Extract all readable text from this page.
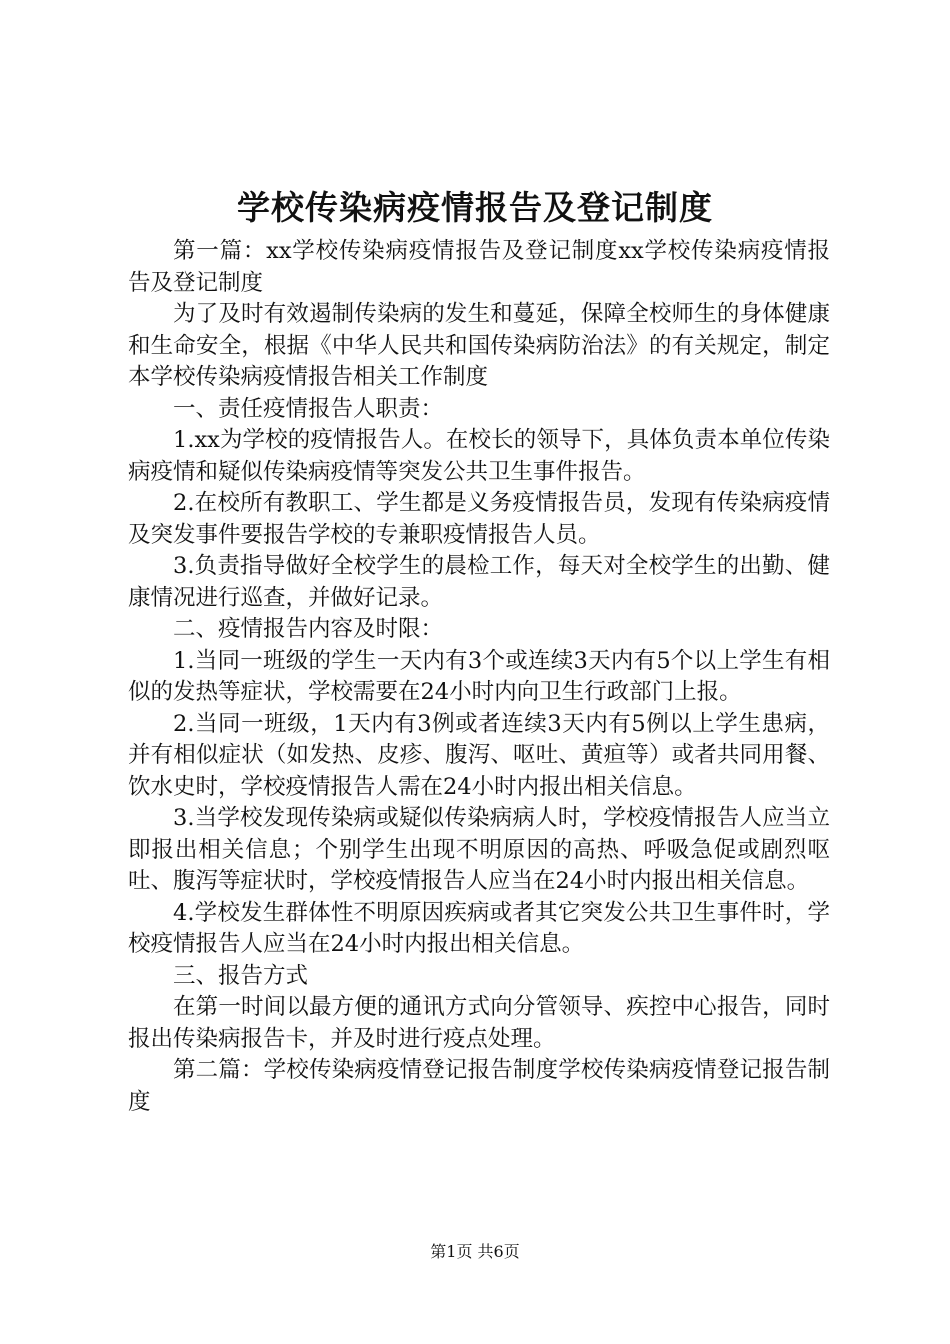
学校传染病疫情报告及登记制度

第一篇：xx学校传染病疫情报告及登记制度xx学校传染病疫情报告及登记制度

为了及时有效遏制传染病的发生和蔓延，保障全校师生的身体健康和生命安全，根据《中华人民共和国传染病防治法》的有关规定，制定本学校传染病疫情报告相关工作制度

一、责任疫情报告人职责：

1.xx为学校的疫情报告人。在校长的领导下，具体负责本单位传染病疫情和疑似传染病疫情等突发公共卫生事件报告。

2.在校所有教职工、学生都是义务疫情报告员，发现有传染病疫情及突发事件要报告学校的专兼职疫情报告人员。

3.负责指导做好全校学生的晨检工作，每天对全校学生的出勤、健康情况进行巡查，并做好记录。

二、疫情报告内容及时限：

1.当同一班级的学生一天内有3个或连续3天内有5个以上学生有相似的发热等症状，学校需要在24小时内向卫生行政部门上报。

2.当同一班级，1天内有3例或者连续3天内有5例以上学生患病，并有相似症状（如发热、皮疹、腹泻、呕吐、黄疸等）或者共同用餐、饮水史时，学校疫情报告人需在24小时内报出相关信息。

3.当学校发现传染病或疑似传染病病人时，学校疫情报告人应当立即报出相关信息；个别学生出现不明原因的高热、呼吸急促或剧烈呕吐、腹泻等症状时，学校疫情报告人应当在24小时内报出相关信息。

4.学校发生群体性不明原因疾病或者其它突发公共卫生事件时，学校疫情报告人应当在24小时内报出相关信息。

三、报告方式

在第一时间以最方便的通讯方式向分管领导、疾控中心报告，同时报出传染病报告卡，并及时进行疫点处理。

第二篇：学校传染病疫情登记报告制度学校传染病疫情登记报告制度

第1页 共6页
